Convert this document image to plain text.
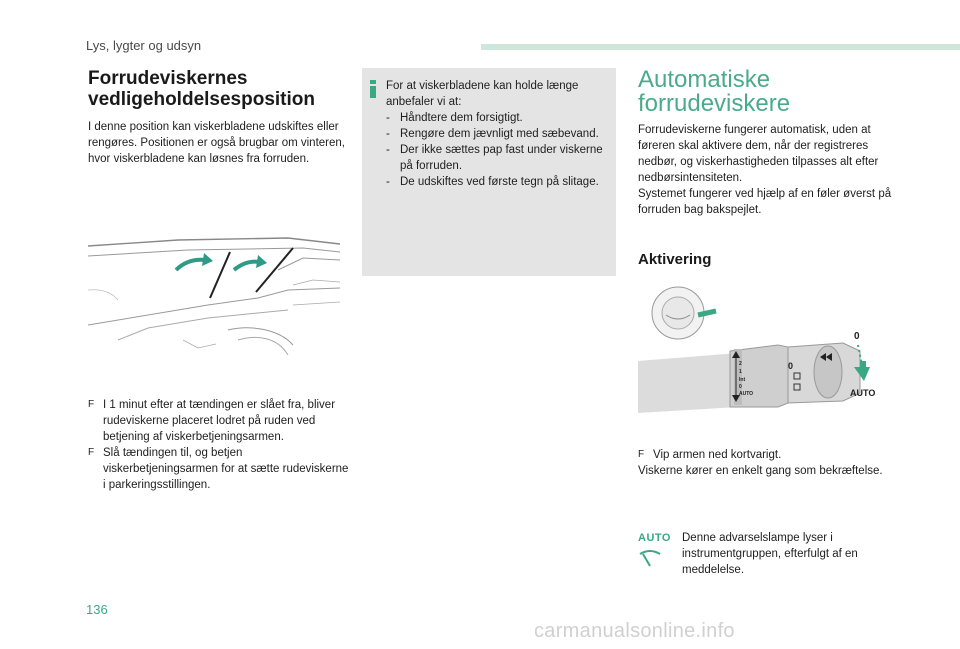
Lys, lygter og udsyn
Forrudeviskernes vedligeholdelsesposition
I denne position kan viskerbladene udskiftes eller rengøres. Positionen er også brugbar om vinteren, hvor viskerbladene kan løsnes fra forruden.
F I 1 minut efter at tændingen er slået fra, bliver rudeviskerne placeret lodret på ruden ved betjening af viskerbetjeningsarmen.
F Slå tændingen til, og betjen viskerbetjeningsarmen for at sætte rudeviskerne i parkeringsstillingen.
For at viskerbladene kan holde længe anbefaler vi at:
- Håndtere dem forsigtigt.
- Rengøre dem jævnligt med sæbevand.
- Der ikke sættes pap fast under viskerne på forruden.
- De udskiftes ved første tegn på slitage.
Automatiske forrudeviskere
Forrudeviskerne fungerer automatisk, uden at føreren skal aktivere dem, når der registreres nedbør, og viskerhastigheden tilpasses alt efter nedbørsintensiteten.
Systemet fungerer ved hjælp af en føler øverst på forruden bag bakspejlet.
Aktivering
2
1
Int
0
AUTO
0
0
AUTO
F Vip armen ned kortvarigt.
Viskerne kører en enkelt gang som bekræftelse.
AUTO Denne advarselslampe lyser i instrumentgruppen, efterfulgt af en meddelelse.
136
carmanualsonline.info
